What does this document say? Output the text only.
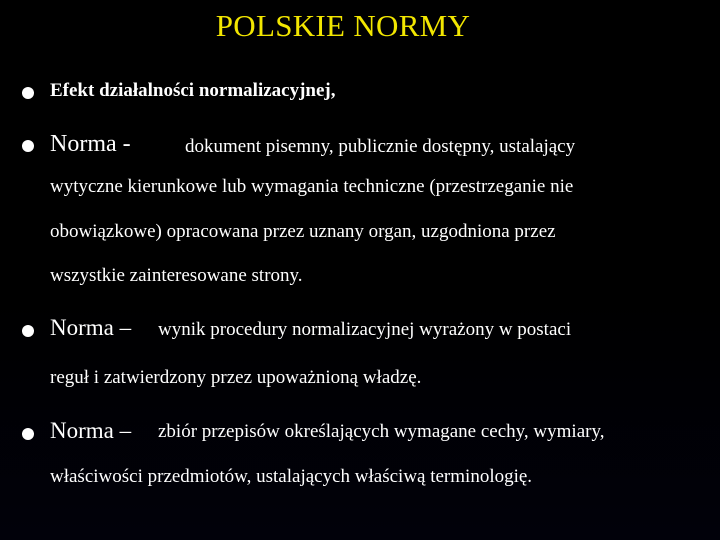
POLSKIE NORMY
Efekt działalności normalizacyjnej,
Norma -	dokument pisemny, publicznie dostępny, ustalający
wytyczne kierunkowe lub wymagania techniczne (przestrzeganie nie
obowiązkowe) opracowana przez uznany organ, uzgodniona przez
wszystkie zainteresowane strony.
Norma – wynik procedury normalizacyjnej wyrażony w postaci
reguł i zatwierdzony przez upoważnioną władzę.
Norma – zbiór przepisów określających wymagane cechy, wymiary,
właściwości przedmiotów, ustalających właściwą terminologię.
